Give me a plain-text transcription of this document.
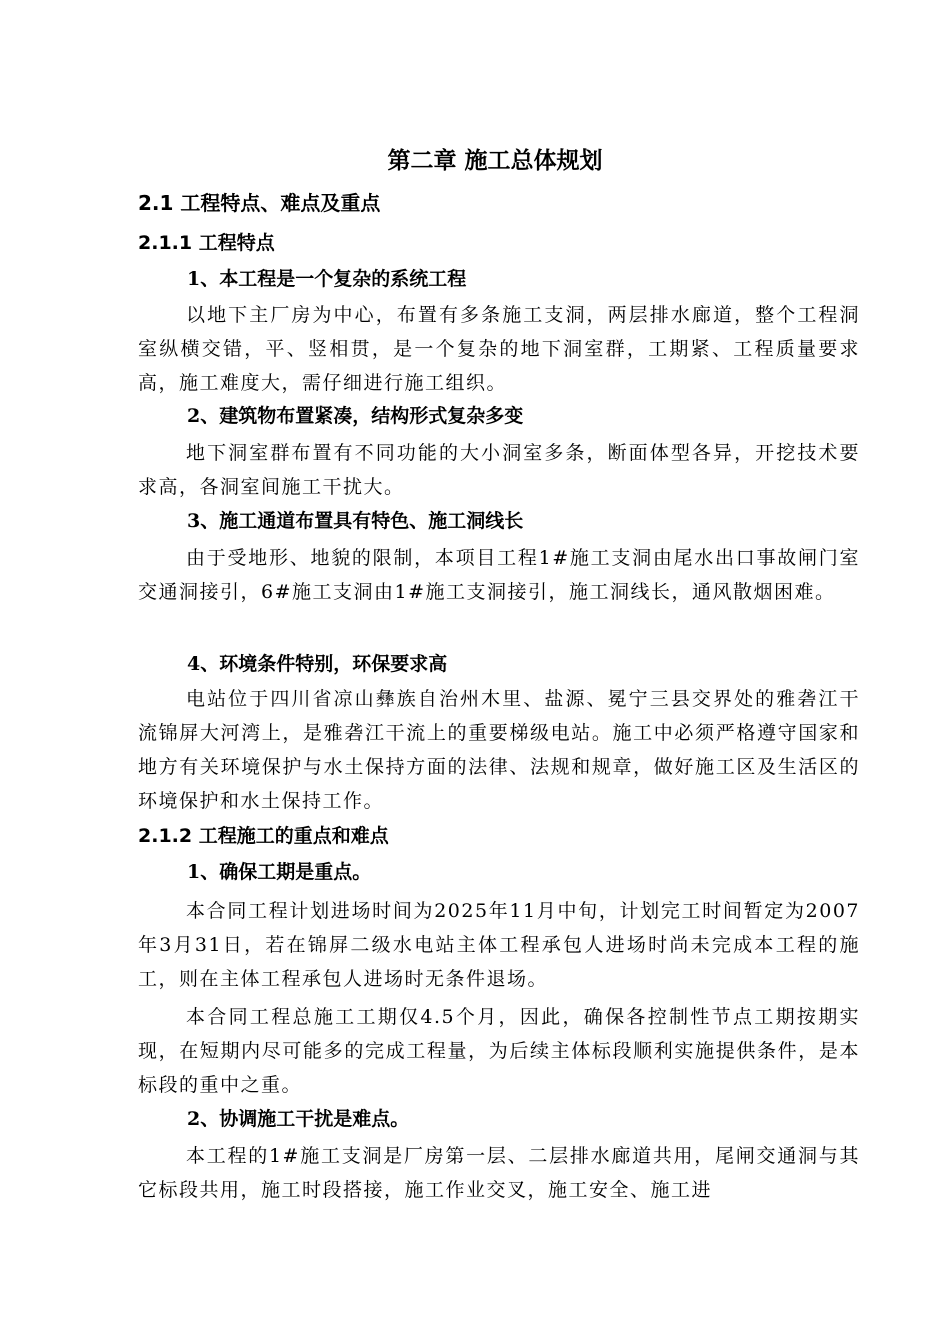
第二章 施工总体规划
2.1 工程特点、难点及重点
2.1.1 工程特点
1、本工程是一个复杂的系统工程

以地下主厂房为中心，布置有多条施工支洞，两层排水廊道，整个工程洞室纵横交错，平、竖相贯，是一个复杂的地下洞室群，工期紧、工程质量要求高，施工难度大，需仔细进行施工组织。

2、建筑物布置紧凑，结构形式复杂多变

地下洞室群布置有不同功能的大小洞室多条，断面体型各异，开挖技术要求高，各洞室间施工干扰大。

3、施工通道布置具有特色、施工洞线长

由于受地形、地貌的限制，本项目工程1#施工支洞由尾水出口事故闸门室交通洞接引，6#施工支洞由1#施工支洞接引，施工洞线长，通风散烟困难。

4、环境条件特别，环保要求高

电站位于四川省凉山彝族自治州木里、盐源、冕宁三县交界处的雅砻江干流锦屏大河湾上，是雅砻江干流上的重要梯级电站。施工中必须严格遵守国家和地方有关环境保护与水土保持方面的法律、法规和规章，做好施工区及生活区的环境保护和水土保持工作。

2.1.2 工程施工的重点和难点
1、确保工期是重点。

本合同工程计划进场时间为2025年11月中旬，计划完工时间暂定为2007年3月31日，若在锦屏二级水电站主体工程承包人进场时尚未完成本工程的施工，则在主体工程承包人进场时无条件退场。

本合同工程总施工工期仅4.5个月，因此，确保各控制性节点工期按期实现，在短期内尽可能多的完成工程量，为后续主体标段顺利实施提供条件，是本标段的重中之重。

2、协调施工干扰是难点。

本工程的1#施工支洞是厂房第一层、二层排水廊道共用，尾闸交通洞与其它标段共用，施工时段搭接，施工作业交叉，施工安全、施工进
